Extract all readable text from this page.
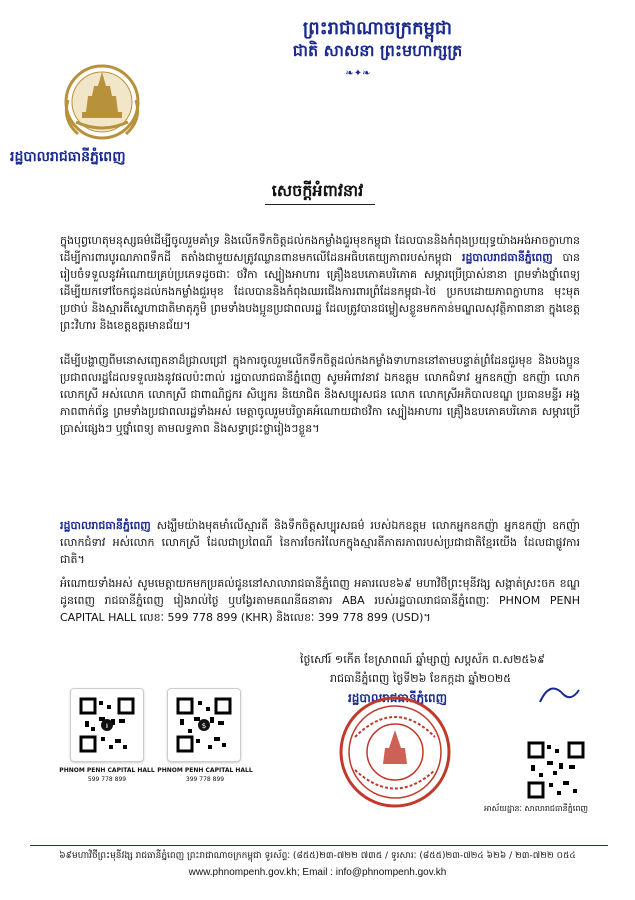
ព្រះរាជាណាចក្រកម្ពុជា
ជាតិ សាសនា ព្រះមហាក្សត្រ
❧✦❧
រដ្ឋបាលរាជធានីភ្នំពេញ
សេចក្តីអំពាវនាវ
ក្នុងបុព្វហេតុមនុស្សធម៌ដើម្បីចូលរួមគាំទ្រ និងលើកទឹកចិត្តដល់កងកម្លាំងជួរមុខកម្ពុជា ដែលបាននិងកំពុងប្រយុទ្ធយ៉ាងអង់អាចក្លាហាន ដើម្បីការពារបូរណភាពទឹកដី តតាំងជាមួយសត្រូវឈ្លានពានមកលើដែនអធិបតេយ្យភាពរបស់កម្ពុជា រដ្ឋបាលរាជធានីភ្នំពេញ បានរៀបចំទទួលនូវអំណោយគ្រប់ប្រភេទដូចជាៈ ថវិកា ស្បៀងអាហារ គ្រឿងឧបភោគបរិភោគ សម្ភារប្រើប្រាស់នានា ព្រមទាំងថ្នាំពេទ្យ ដើម្បីយកទៅចែកជូនដល់កងកម្លាំងជួរមុខ ដែលបាននិងកំពុងឈរជើងការពារព្រំដែនកម្ពុជា-ថៃ ប្រកបដោយភាពក្លាហាន មុះមុត ប្រថាប់ និងស្មារតីស្នេហាជាតិមាតុភូមិ ព្រមទាំងបងប្អូនប្រជាពលរដ្ឋ ដែលត្រូវបានជម្លៀសខ្លួនមកកាន់មណ្ឌលសុវត្ថិភាពនានា ក្នុងខេត្តព្រះវិហារ និងខេត្តឧត្តរមានជ័យ។
ដើម្បីបង្ហាញពីមនោសញ្ចេតនាដ៏ជ្រាលជ្រៅ ក្នុងការចូលរួមលើកទឹកចិត្តដល់កងកម្លាំងទាហាននៅតាមបន្ទាត់ព្រំដែនជួរមុខ និងបងប្អូនប្រជាពលរដ្ឋដែលទទួលរងនូវផលប៉ះពាល់ រដ្ឋបាលរាជធានីភ្នំពេញ សូមអំពាវនាវ ឯកឧត្តម លោកជំទាវ អ្នកឧកញ៉ា ឧកញ៉ា លោក លោកស្រី អស់លោក លោកស្រី ជាពាណិជ្ជករ សិប្បករ និយោជិត និងសប្បុរសជន លោក លោកស្រីអភិបាលខណ្ឌ ប្រធានមន្ទីរ អង្គភាពពាក់ព័ន្ធ ព្រមទាំងប្រជាពលរដ្ឋទាំងអស់ មេត្តាចូលរួមបរិច្ចាគអំណោយជាថវិកា ស្បៀងអាហារ គ្រឿងឧបភោគបរិភោគ សម្ភារប្រើប្រាស់ផ្សេងៗ ឬថ្នាំពេទ្យ តាមលទ្ធភាព និងសទ្ធាជ្រះថ្លារៀងៗខ្លួន។
រដ្ឋបាលរាជធានីភ្នំពេញ សង្ឃឹមយ៉ាងមុតមាំលើស្មារតី និងទឹកចិត្តសប្បុរសធម៌ របស់ឯកឧត្តម លោកអ្នកឧកញ៉ា អ្នកឧកញ៉ា ឧកញ៉ា លោកជំទាវ អស់លោក លោកស្រី ដែលជាប្រពៃណី នៃការចែករំលែកក្នុងស្មារតីភាតរភាពរបស់ប្រជាជាតិខ្មែរយើង ដែលជាផ្លូវការជាតិ។
អំណោយទាំងអស់ សូមមេត្តាយកមកប្រគល់ជូននៅសាលារាជធានីភ្នំពេញ អគារលេខ៦៩ មហាវិថីព្រះមុនីវង្ស សង្កាត់ស្រះចក ខណ្ឌដូនពេញ រាជធានីភ្នំពេញ រៀងរាល់ថ្ងៃ ឬបង្វែរតាមគណនីធនាគារ ABA របស់រដ្ឋបាលរាជធានីភ្នំពេញៈ PHNOM PENH CAPITAL HALL លេខៈ 599 778 899 (KHR) និងលេខៈ 399 778 899 (USD)។
៛
PHNOM PENH CAPITAL HALL
599 778 899
$
PHNOM PENH CAPITAL HALL
399 778 899
ថ្ងៃសៅរ៍ ១កើត ខែស្រាពណ៍ ឆ្នាំម្សាញ់ សប្តស័ក ព.ស២៥៦៩
រាជធានីភ្នំពេញ ថ្ងៃទី២៦ ខែកក្កដា ឆ្នាំ២០២៥
រដ្ឋបាលរាជធានីភ្នំពេញ
អាស័យដ្ឋានៈ សាលារាជធានីភ្នំពេញ
៦៩មហាវិថីព្រះមុនីវង្ស រាជធានីភ្នំពេញ ព្រះរាជាណាចក្រកម្ពុជា ទូរស័ព្ទៈ (៨៥៥)២៣-៧២២ ៧៣៥ / ទូរសារៈ (៨៥៥)២៣-៧២៤ ៦២៦ / ២៣-៧២២ ០៥៤
www.phnompenh.gov.kh; Email : info@phnompenh.gov.kh
